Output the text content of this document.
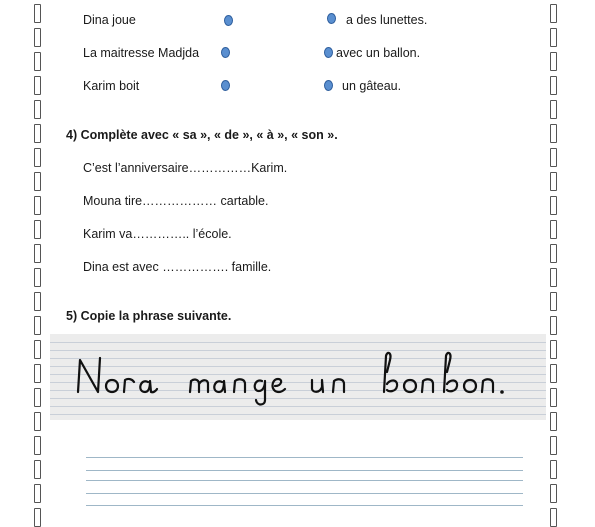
Dina joue	a des lunettes.
La maitresse Madjda	avec un ballon.
Karim boit	un gâteau.
4) Complète avec « sa », « de », « à », « son ».
C’est l’anniversaire……………Karim.
Mouna tire……………… cartable.
Karim va………….. l’école.
Dina est avec ……………. famille.
5) Copie la phrase suivante.
